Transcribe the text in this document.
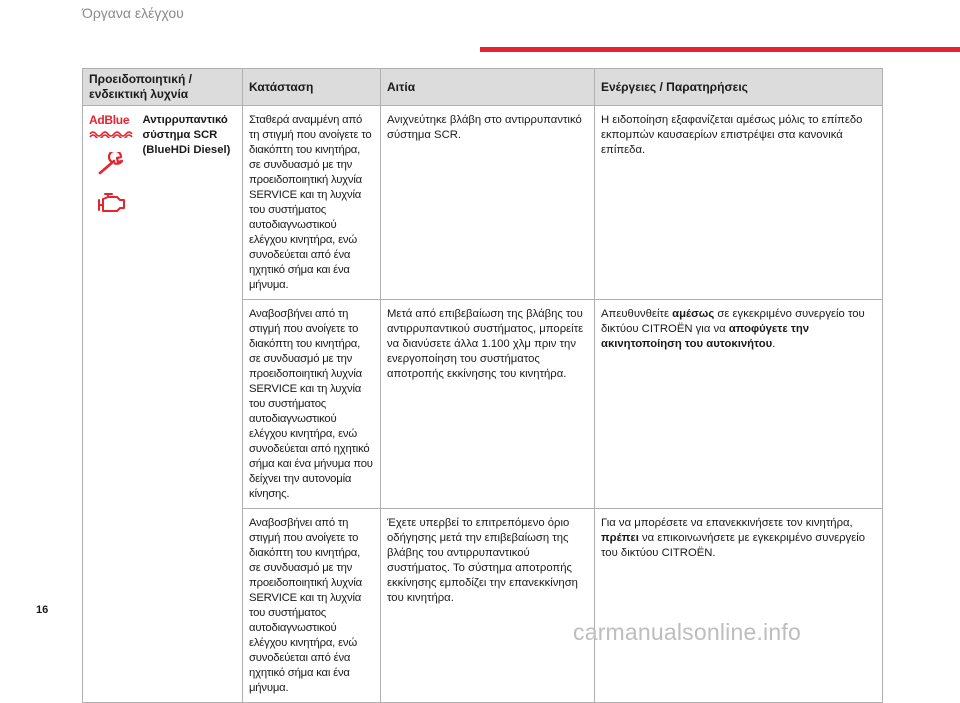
Όργανα ελέγχου
Προειδοποιητική / ενδεικτική λυχνία		Κατάσταση	Αιτία	Ενέργειες / Παρατηρήσεις
AdBlue	Αντιρρυπαντικό σύστημα SCR (BlueHDi Diesel)	Σταθερά αναμμένη από τη στιγμή που ανοίγετε το διακόπτη του κινητήρα, σε συνδυασμό με την προειδοποιητική λυχνία SERVICE και τη λυχνία του συστήματος αυτοδιαγνωστικού ελέγχου κινητήρα, ενώ συνοδεύεται από ένα ηχητικό σήμα και ένα μήνυμα.	Ανιχνεύτηκε βλάβη στο αντιρρυπαντικό σύστημα SCR.	Η ειδοποίηση εξαφανίζεται αμέσως μόλις το επίπεδο εκπομπών καυσαερίων επιστρέψει στα κανονικά επίπεδα.
		Αναβοσβήνει από τη στιγμή που ανοίγετε το διακόπτη του κινητήρα, σε συνδυασμό με την προειδοποιητική λυχνία SERVICE και τη λυχνία του συστήματος αυτοδιαγνωστικού ελέγχου κινητήρα, ενώ συνοδεύεται από ηχητικό σήμα και ένα μήνυμα που δείχνει την αυτονομία κίνησης.	Μετά από επιβεβαίωση της βλάβης του αντιρρυπαντικού συστήματος, μπορείτε να διανύσετε άλλα 1.100 χλμ πριν την ενεργοποίηση του συστήματος αποτροπής εκκίνησης του κινητήρα.	Απευθυνθείτε αμέσως σε εγκεκριμένο συνεργείο του δικτύου CITROËN για να αποφύγετε την ακινητοποίηση του αυτοκινήτου.
		Αναβοσβήνει από τη στιγμή που ανοίγετε το διακόπτη του κινητήρα, σε συνδυασμό με την προειδοποιητική λυχνία SERVICE και τη λυχνία του συστήματος αυτοδιαγνωστικού ελέγχου κινητήρα, ενώ συνοδεύεται από ένα ηχητικό σήμα και ένα μήνυμα.	Έχετε υπερβεί το επιτρεπόμενο όριο οδήγησης μετά την επιβεβαίωση της βλάβης του αντιρρυπαντικού συστήματος. Το σύστημα αποτροπής εκκίνησης εμποδίζει την επανεκκίνηση του κινητήρα.	Για να μπορέσετε να επανεκκινήσετε τον κινητήρα, πρέπει να επικοινωνήσετε με εγκεκριμένο συνεργείο του δικτύου CITROËN.
16
carmanualsonline.info
